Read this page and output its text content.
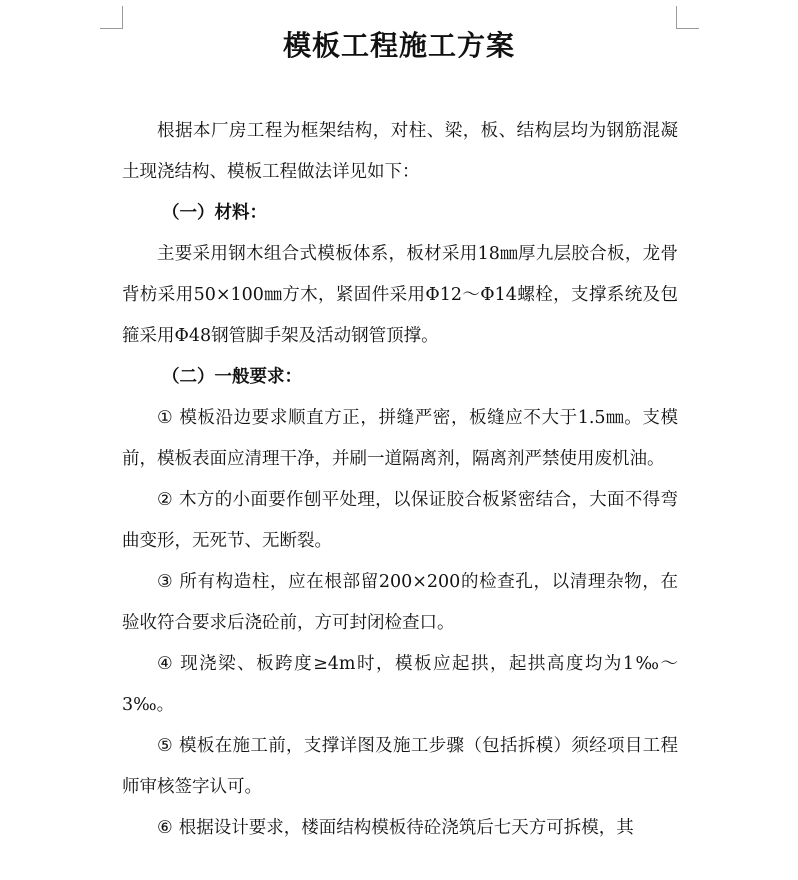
模板工程施工方案

根据本厂房工程为框架结构，对柱、梁，板、结构层均为钢筋混凝土现浇结构、模板工程做法详见如下：

（一）材料：

主要采用钢木组合式模板体系，板材采用18㎜厚九层胶合板，龙骨背枋采用50×100㎜方木，紧固件采用Φ12～Φ14螺栓，支撑系统及包箍采用Φ48钢管脚手架及活动钢管顶撑。

（二）一般要求：

① 模板沿边要求顺直方正，拼缝严密，板缝应不大于1.5㎜。支模前，模板表面应清理干净，并刷一道隔离剂，隔离剂严禁使用废机油。

② 木方的小面要作刨平处理，以保证胶合板紧密结合，大面不得弯曲变形，无死节、无断裂。

③ 所有构造柱，应在根部留200×200的检查孔，以清理杂物，在验收符合要求后浇砼前，方可封闭检查口。

④ 现浇梁、板跨度≥4m时，模板应起拱，起拱高度均为1‰～3‰。

⑤ 模板在施工前，支撑详图及施工步骤（包括拆模）须经项目工程师审核签字认可。

⑥ 根据设计要求，楼面结构模板待砼浇筑后七天方可拆模，其
